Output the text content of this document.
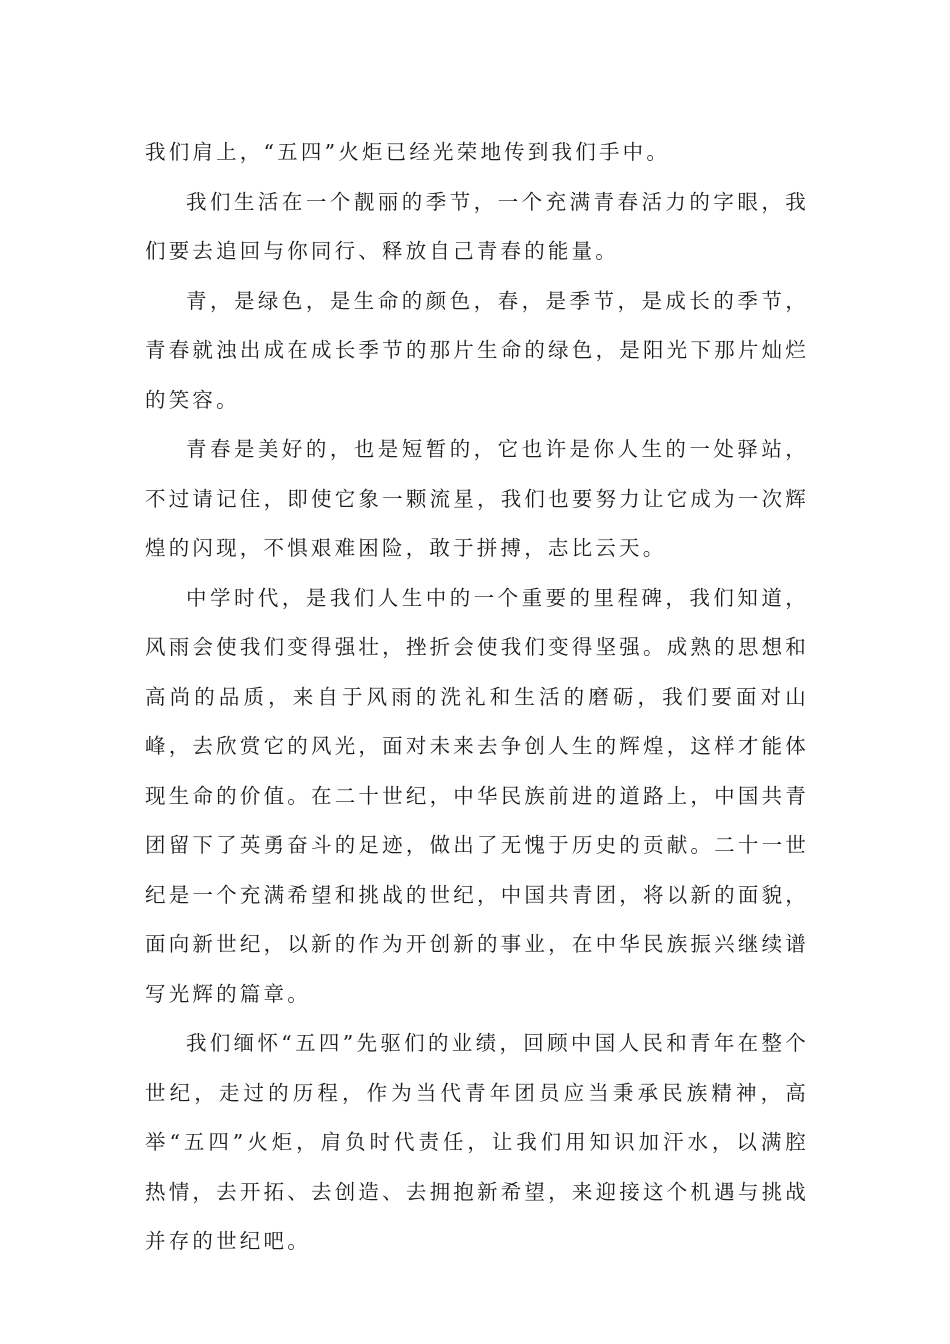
我们肩上，“五四”火炬已经光荣地传到我们手中。

我们生活在一个靓丽的季节，一个充满青春活力的字眼，我们要去追回与你同行、释放自己青春的能量。

青，是绿色，是生命的颜色，春，是季节，是成长的季节，青春就浊出成在成长季节的那片生命的绿色，是阳光下那片灿烂的笑容。

青春是美好的，也是短暂的，它也许是你人生的一处驿站，不过请记住，即使它象一颗流星，我们也要努力让它成为一次辉煌的闪现，不惧艰难困险，敢于拼搏，志比云天。

中学时代，是我们人生中的一个重要的里程碑，我们知道，风雨会使我们变得强壮，挫折会使我们变得坚强。成熟的思想和高尚的品质，来自于风雨的洗礼和生活的磨砺，我们要面对山峰，去欣赏它的风光，面对未来去争创人生的辉煌，这样才能体现生命的价值。在二十世纪，中华民族前进的道路上，中国共青团留下了英勇奋斗的足迹，做出了无愧于历史的贡献。二十一世纪是一个充满希望和挑战的世纪，中国共青团，将以新的面貌，面向新世纪，以新的作为开创新的事业，在中华民族振兴继续谱写光辉的篇章。

我们缅怀“五四”先驱们的业绩，回顾中国人民和青年在整个世纪，走过的历程，作为当代青年团员应当秉承民族精神，高举“五四”火炬，肩负时代责任，让我们用知识加汗水，以满腔热情，去开拓、去创造、去拥抱新希望，来迎接这个机遇与挑战并存的世纪吧。
